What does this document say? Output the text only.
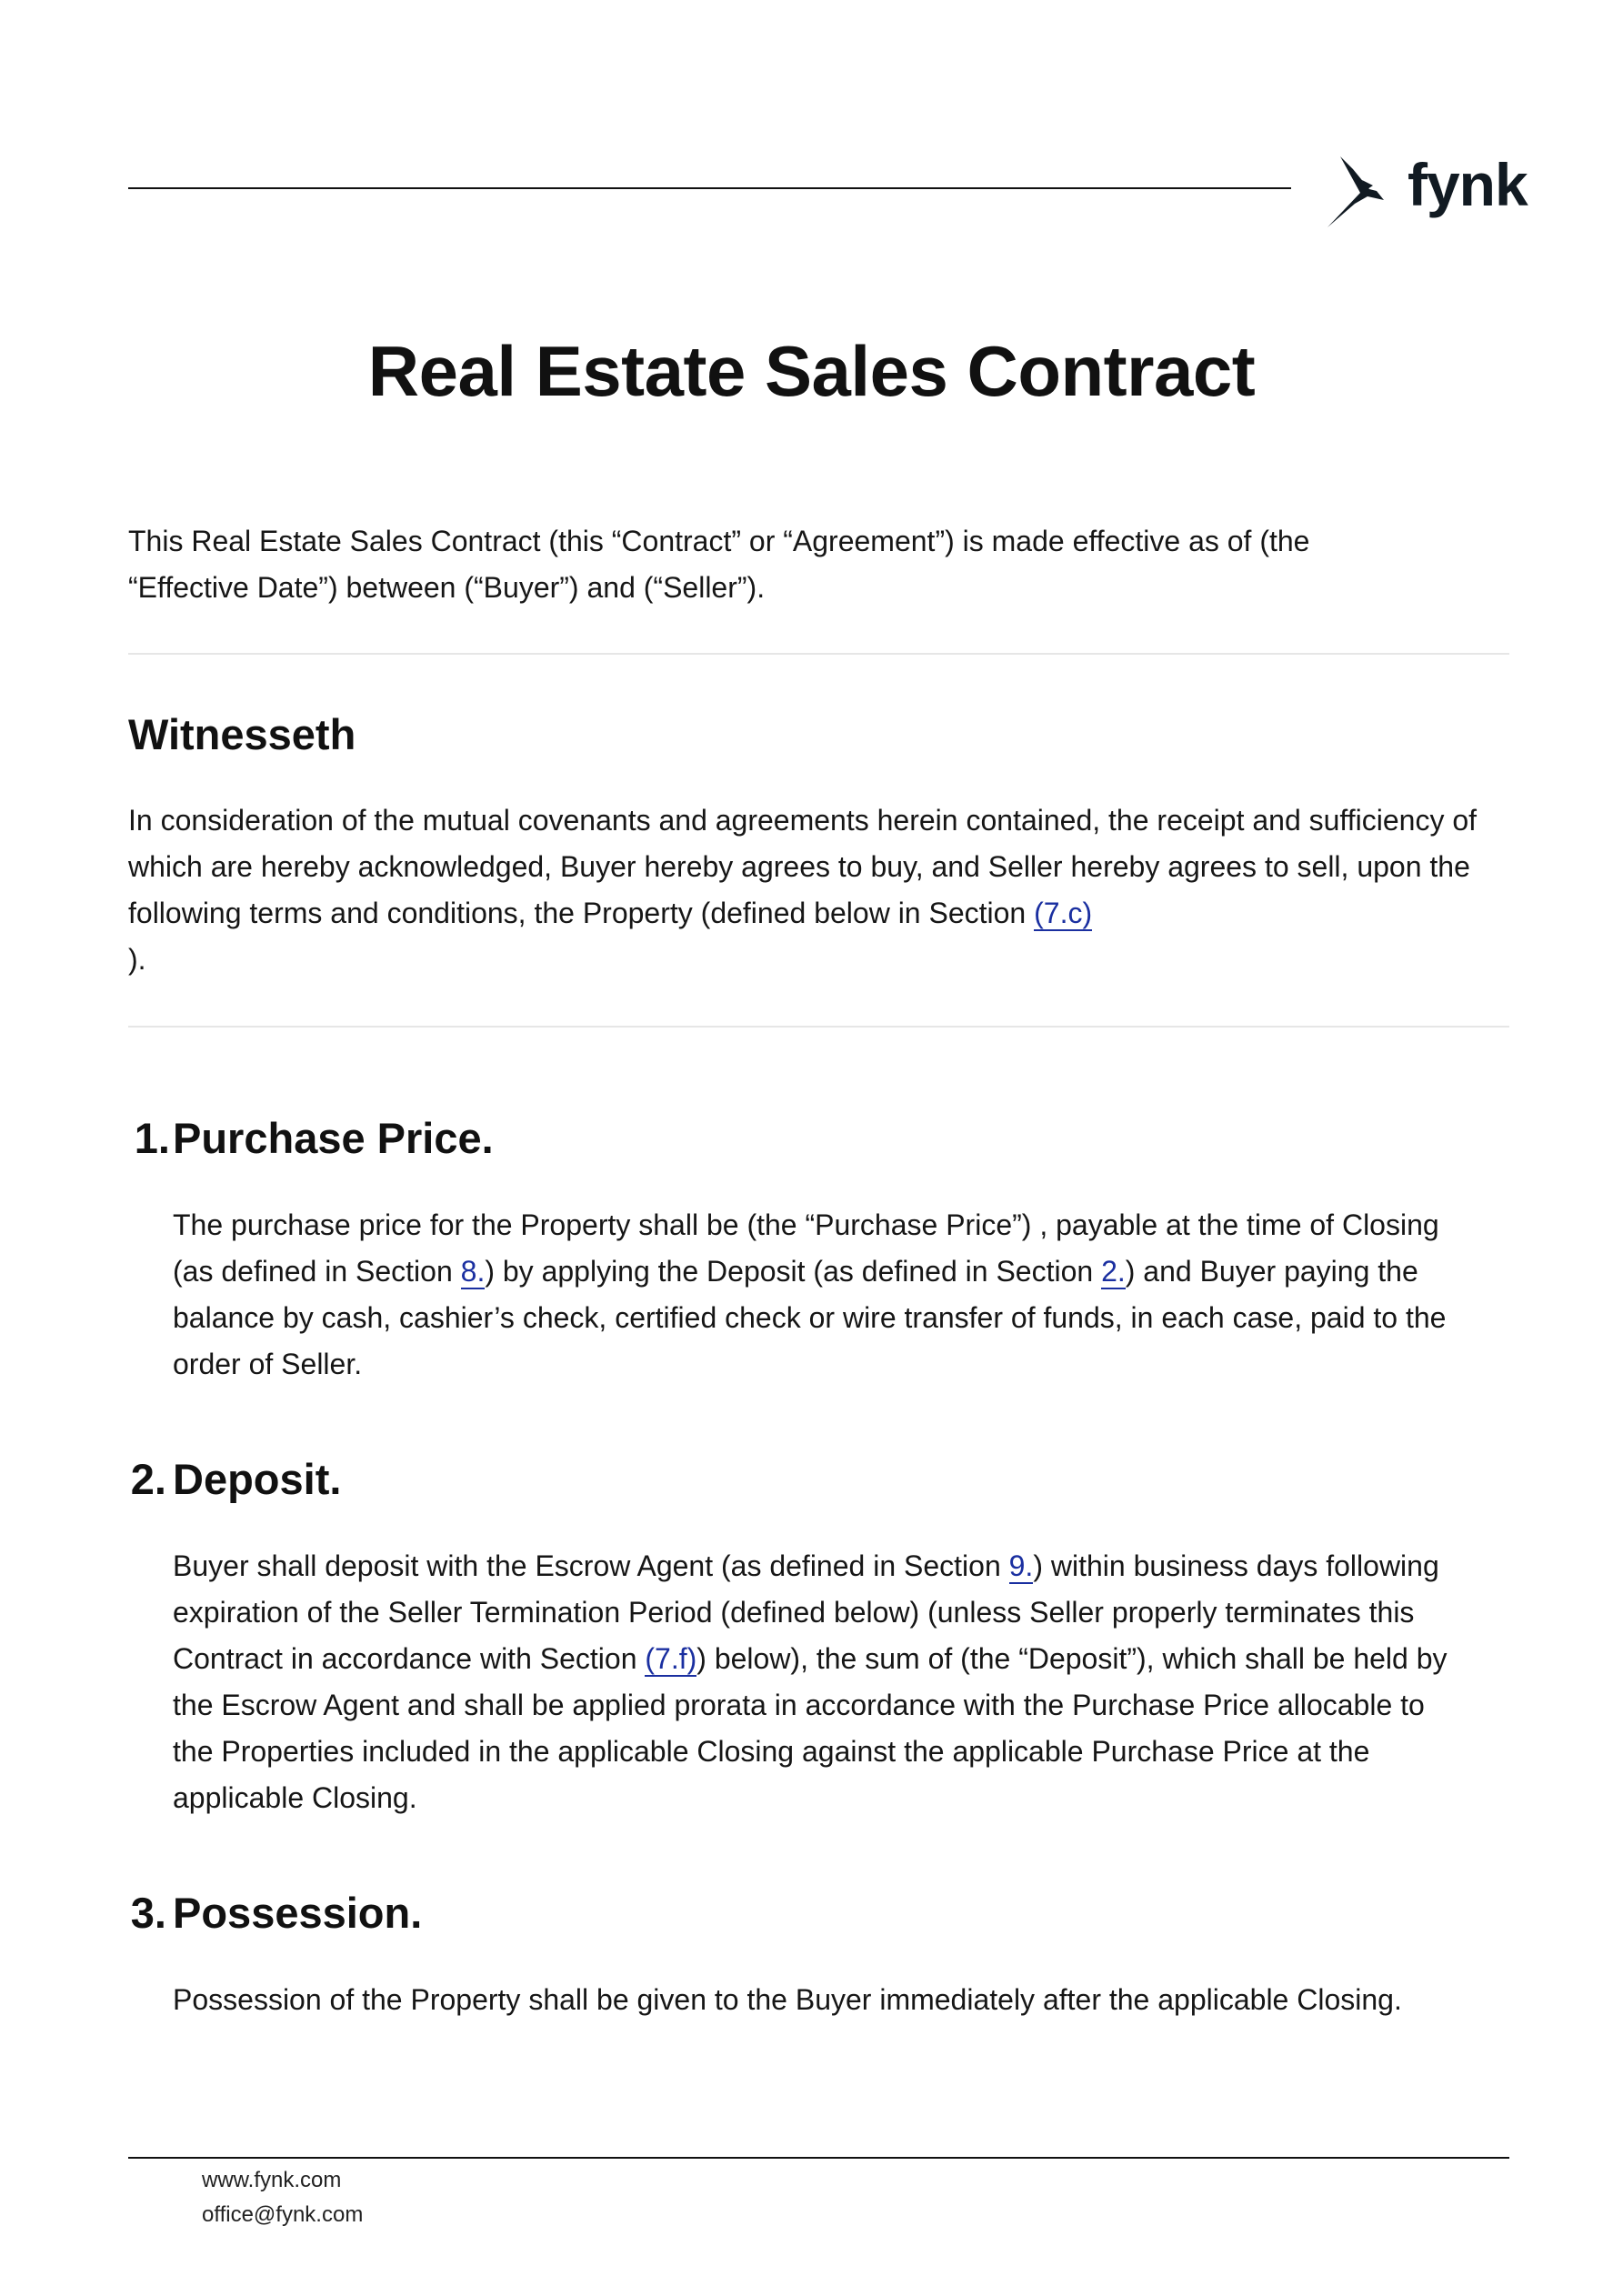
fynk
Real Estate Sales Contract

This Real Estate Sales Contract (this “Contract” or “Agreement”) is made effective as of (the
“Effective Date”) between (“Buyer”) and (“Seller”).

Witnesseth

In consideration of the mutual covenants and agreements herein contained, the receipt and sufficiency of which are hereby acknowledged, Buyer hereby agrees to buy, and Seller hereby agrees to sell, upon the following terms and conditions, the Property (defined below in Section (7.c)
).

1. Purchase Price.

The purchase price for the Property shall be (the “Purchase Price”) , payable at the time of Closing (as defined in Section 8.) by applying the Deposit (as defined in Section 2.) and Buyer paying the balance by cash, cashier’s check, certified check or wire transfer of funds, in each case, paid to the order of Seller.

2. Deposit.

Buyer shall deposit with the Escrow Agent (as defined in Section 9.) within business days following expiration of the Seller Termination Period (defined below) (unless Seller properly terminates this Contract in accordance with Section (7.f)) below), the sum of (the “Deposit”), which shall be held by the Escrow Agent and shall be applied prorata in accordance with the Purchase Price allocable to the Properties included in the applicable Closing against the applicable Purchase Price at the applicable Closing.

3. Possession.

Possession of the Property shall be given to the Buyer immediately after the applicable Closing.

www.fynk.com
office@fynk.com
